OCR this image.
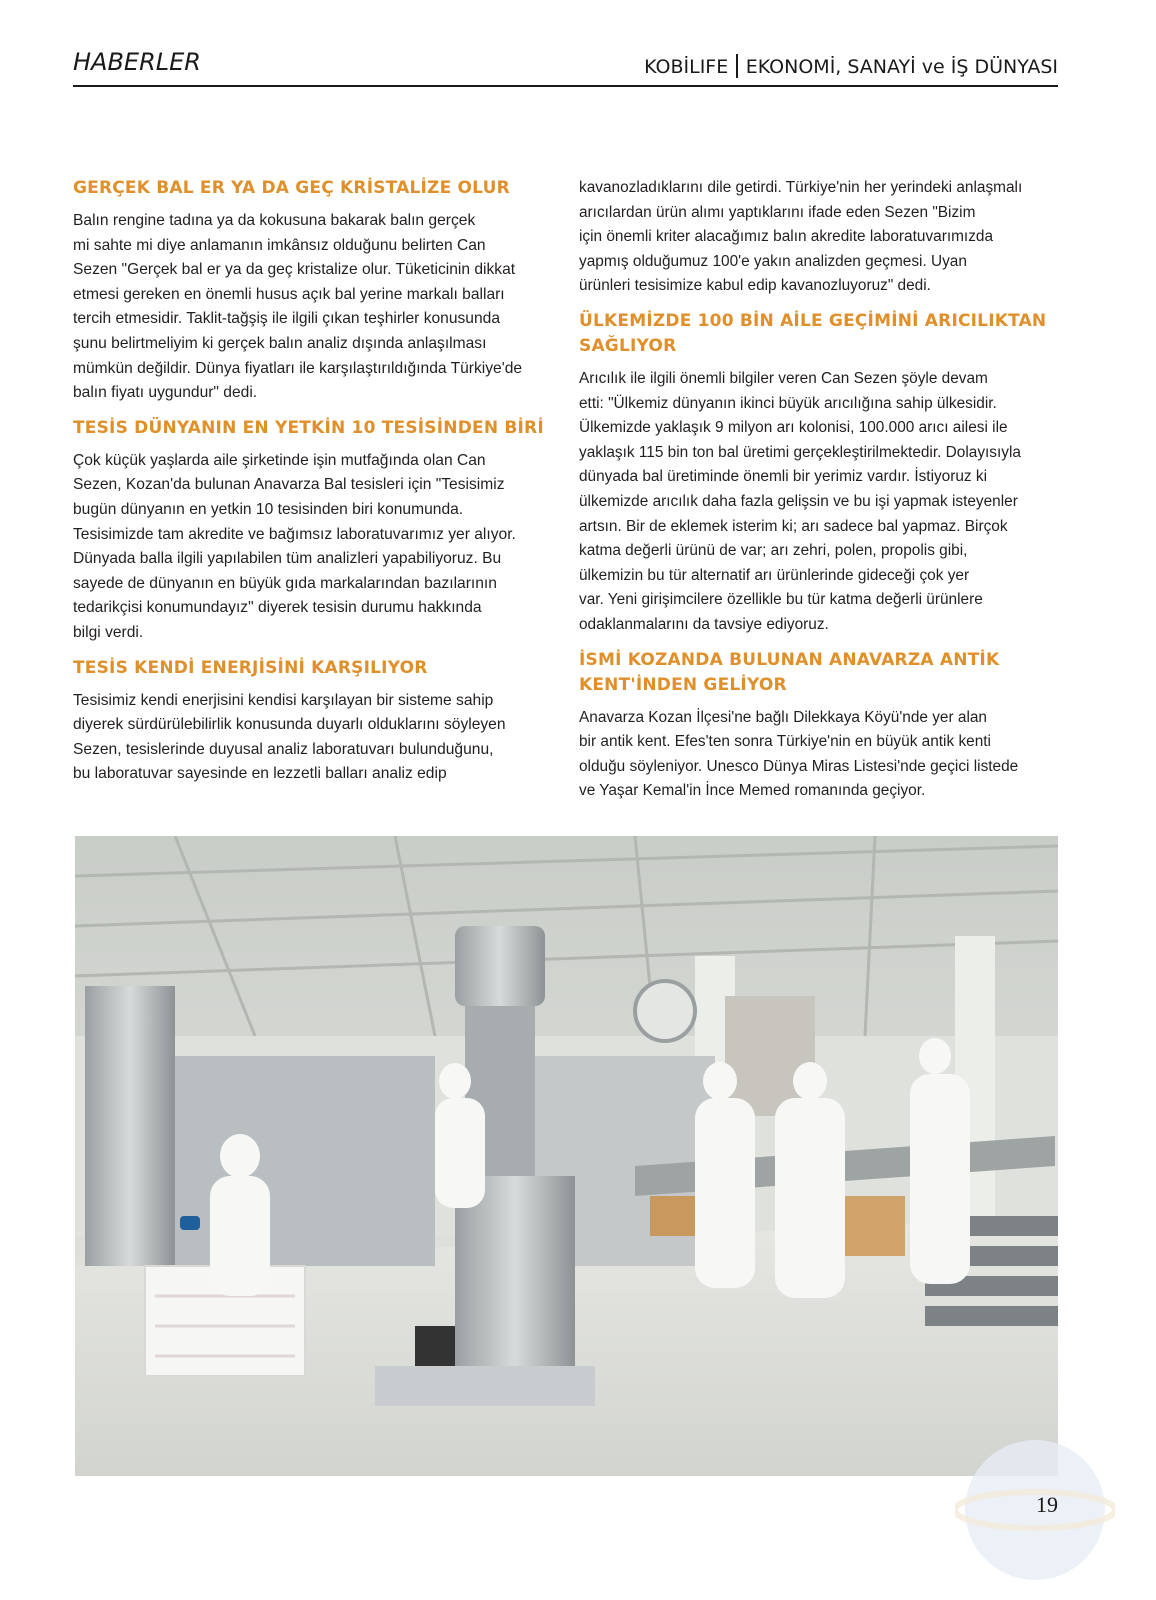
HABERLER	KOBİLIFE EKONOMİ, SANAYİ ve İŞ DÜNYASI
GERÇEK BAL ER YA DA GEÇ KRİSTALİZE OLUR
Balın rengine tadına ya da kokusuna bakarak balın gerçek
mi sahte mi diye anlamanın imkânsız olduğunu belirten Can
Sezen "Gerçek bal er ya da geç kristalize olur. Tüketicinin dikkat
etmesi gereken en önemli husus açık bal yerine markalı balları
tercih etmesidir. Taklit-tağşiş ile ilgili çıkan teşhirler konusunda
şunu belirtmeliyim ki gerçek balın analiz dışında anlaşılması
mümkün değildir. Dünya fiyatları ile karşılaştırıldığında Türkiye'de
balın fiyatı uygundur" dedi.
TESİS DÜNYANIN EN YETKİN 10 TESİSİNDEN BİRİ
Çok küçük yaşlarda aile şirketinde işin mutfağında olan Can
Sezen, Kozan'da bulunan Anavarza Bal tesisleri için "Tesisimiz
bugün dünyanın en yetkin 10 tesisinden biri konumunda.
Tesisimizde tam akredite ve bağımsız laboratuvarımız yer alıyor.
Dünyada balla ilgili yapılabilen tüm analizleri yapabiliyoruz. Bu
sayede de dünyanın en büyük gıda markalarından bazılarının
tedarikçisi konumundayız" diyerek tesisin durumu hakkında
bilgi verdi.
TESİS KENDİ ENERJİSİNİ KARŞILIYOR
Tesisimiz kendi enerjisini kendisi karşılayan bir sisteme sahip
diyerek sürdürülebilirlik konusunda duyarlı olduklarını söyleyen
Sezen, tesislerinde duyusal analiz laboratuvarı bulunduğunu,
bu laboratuvar sayesinde en lezzetli balları analiz edip
kavanozladıklarını dile getirdi. Türkiye'nin her yerindeki anlaşmalı
arıcılardan ürün alımı yaptıklarını ifade eden Sezen "Bizim
için önemli kriter alacağımız balın akredite laboratuvarımızda
yapmış olduğumuz 100'e yakın analizden geçmesi. Uyan
ürünleri tesisimize kabul edip kavanozluyoruz" dedi.
ÜLKEMİZDE 100 BİN AİLE GEÇİMİNİ ARICILIKTAN SAĞLIYOR
Arıcılık ile ilgili önemli bilgiler veren Can Sezen şöyle devam
etti: "Ülkemiz dünyanın ikinci büyük arıcılığına sahip ülkesidir.
Ülkemizde yaklaşık 9 milyon arı kolonisi, 100.000 arıcı ailesi ile
yaklaşık 115 bin ton bal üretimi gerçekleştirilmektedir. Dolayısıyla
dünyada bal üretiminde önemli bir yerimiz vardır. İstiyoruz ki
ülkemizde arıcılık daha fazla gelişsin ve bu işi yapmak isteyenler
artsın. Bir de eklemek isterim ki; arı sadece bal yapmaz. Birçok
katma değerli ürünü de var; arı zehri, polen, propolis gibi,
ülkemizin bu tür alternatif arı ürünlerinde gideceği çok yer
var. Yeni girişimcilere özellikle bu tür katma değerli ürünlere
odaklanmalarını da tavsiye ediyoruz.
İSMİ KOZANDA BULUNAN ANAVARZA ANTİK KENT'İNDEN GELİYOR
Anavarza Kozan İlçesi'ne bağlı Dilekkaya Köyü'nde yer alan
bir antik kent. Efes'ten sonra Türkiye'nin en büyük antik kenti
olduğu söyleniyor. Unesco Dünya Miras Listesi'nde geçici listede
ve Yaşar Kemal'in İnce Memed romanında geçiyor.
19
